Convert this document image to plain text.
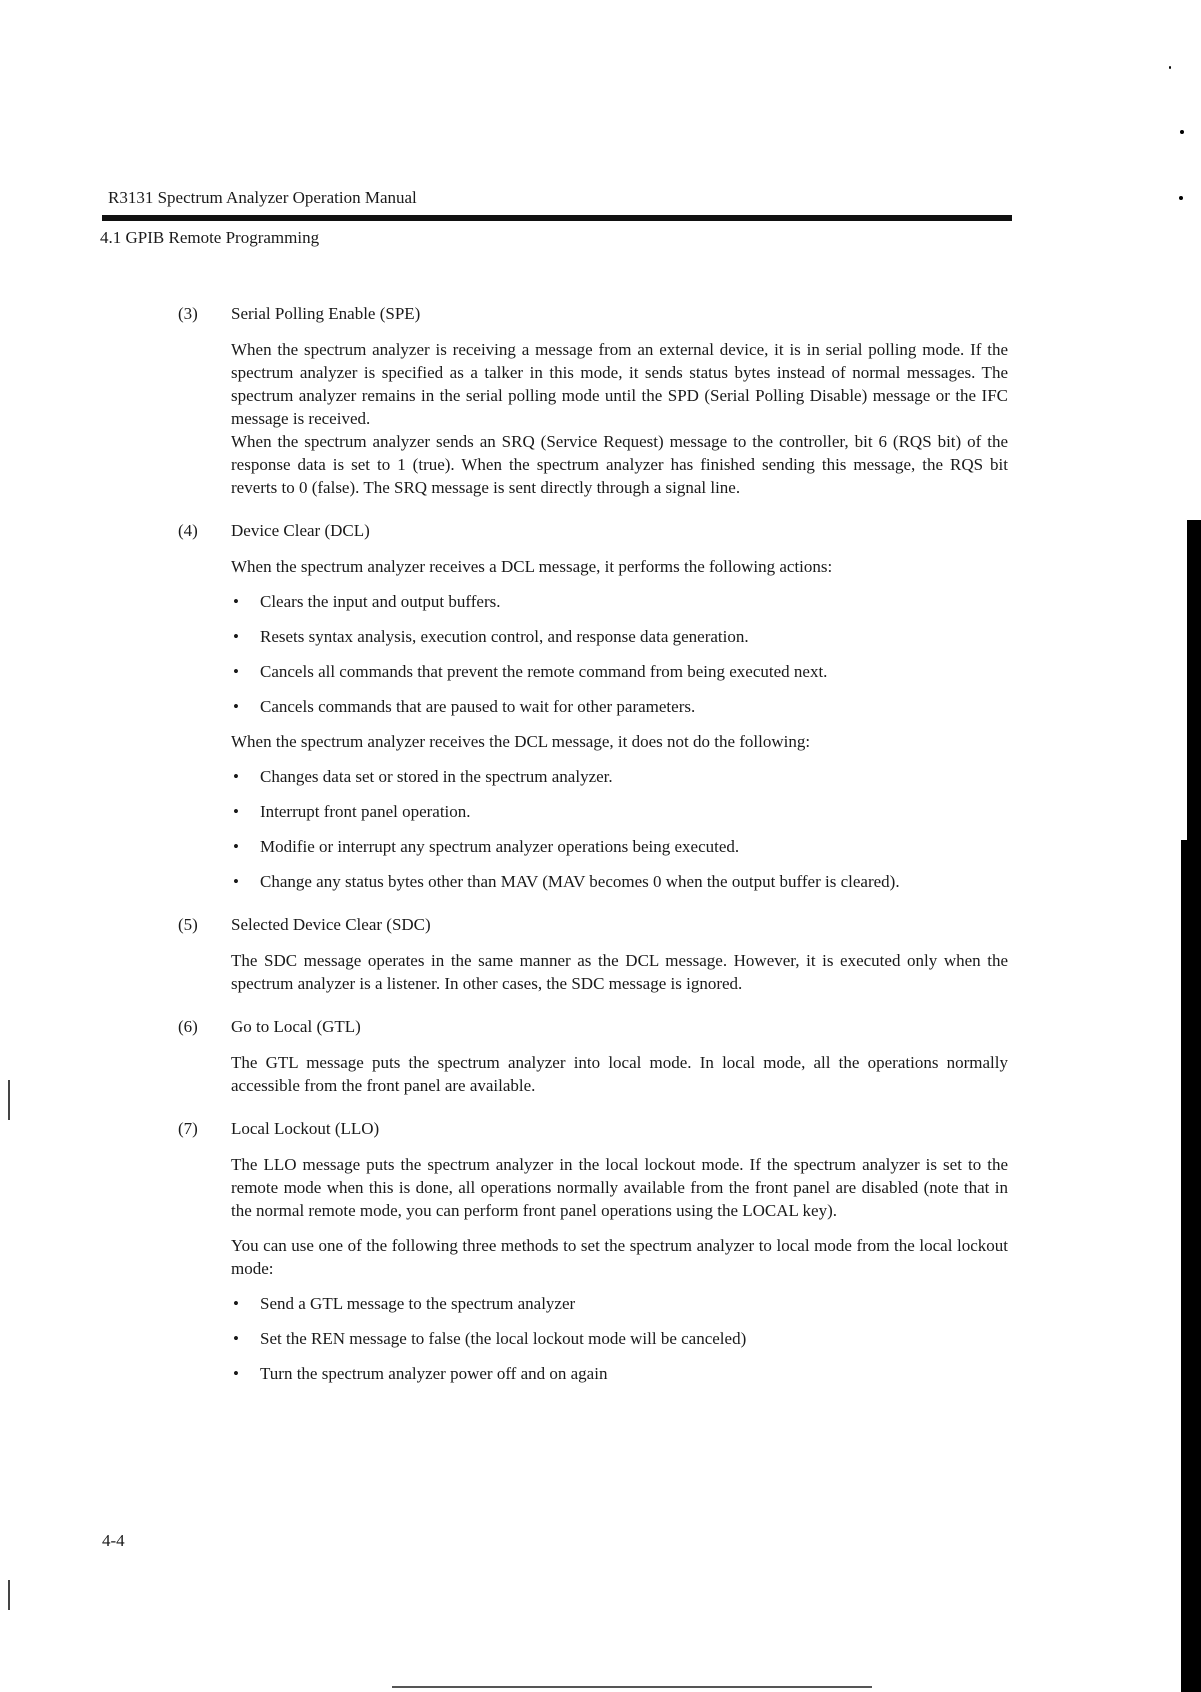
R3131 Spectrum Analyzer Operation Manual
4.1 GPIB Remote Programming
(3) Serial Polling Enable (SPE)

When the spectrum analyzer is receiving a message from an external device, it is in serial polling mode. If the spectrum analyzer is specified as a talker in this mode, it sends status bytes instead of normal messages. The spectrum analyzer remains in the serial polling mode until the SPD (Serial Polling Disable) message or the IFC message is received.

When the spectrum analyzer sends an SRQ (Service Request) message to the controller, bit 6 (RQS bit) of the response data is set to 1 (true). When the spectrum analyzer has finished sending this message, the RQS bit reverts to 0 (false). The SRQ message is sent directly through a signal line.

(4) Device Clear (DCL)

When the spectrum analyzer receives a DCL message, it performs the following actions:

• Clears the input and output buffers.
• Resets syntax analysis, execution control, and response data generation.
• Cancels all commands that prevent the remote command from being executed next.
• Cancels commands that are paused to wait for other parameters.

When the spectrum analyzer receives the DCL message, it does not do the following:

• Changes data set or stored in the spectrum analyzer.
• Interrupt front panel operation.
• Modifie or interrupt any spectrum analyzer operations being executed.
• Change any status bytes other than MAV (MAV becomes 0 when the output buffer is cleared).
(5) Selected Device Clear (SDC)

The SDC message operates in the same manner as the DCL message. However, it is executed only when the spectrum analyzer is a listener. In other cases, the SDC message is ignored.

(6) Go to Local (GTL)

The GTL message puts the spectrum analyzer into local mode. In local mode, all the operations normally accessible from the front panel are available.

(7) Local Lockout (LLO)

The LLO message puts the spectrum analyzer in the local lockout mode. If the spectrum analyzer is set to the remote mode when this is done, all operations normally available from the front panel are disabled (note that in the normal remote mode, you can perform front panel operations using the LOCAL key).

You can use one of the following three methods to set the spectrum analyzer to local mode from the local lockout mode:

• Send a GTL message to the spectrum analyzer
• Set the REN message to false (the local lockout mode will be canceled)
• Turn the spectrum analyzer power off and on again
4-4
